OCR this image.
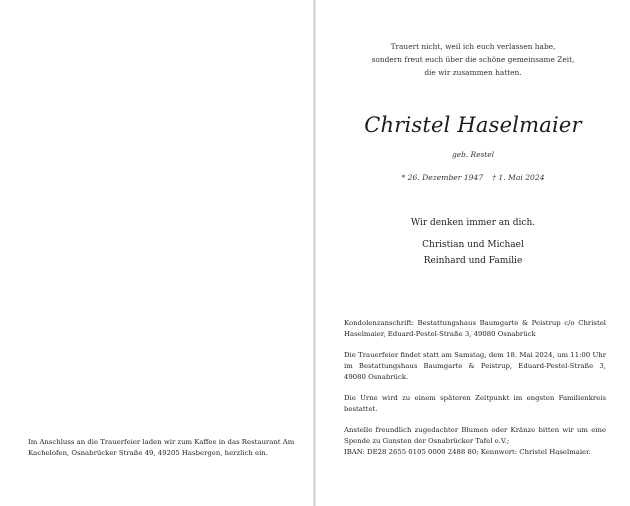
Im Anschluss an die Trauerfeier laden wir zum Kaffee in das Restaurant Am Kachelofen, Osnabrücker Straße 49, 49205 Hasbergen, herzlich ein.
Trauert nicht, weil ich euch verlassen habe,
sondern freut euch über die schöne gemeinsame Zeit,
die wir zusammen hatten.
Christel Haselmaier
geb. Restel
* 26. Dezember 1947 † 1. Mai 2024
Wir denken immer an dich.
Christian und Michael
Reinhard und Familie
Kondolenzanschrift: Bestattungshaus Baumgarte & Peistrup c/o Christel Haselmaier, Eduard-Pestel-Straße 3, 49080 Osnabrück
Die Trauerfeier findet statt am Samstag, dem 18. Mai 2024, um 11:00 Uhr im Bestattungshaus Baumgarte & Peistrup, Eduard-Pestel-Straße 3, 49080 Osnabrück.
Die Urne wird zu einem späteren Zeitpunkt im engsten Familienkreis bestattet.
Anstelle freundlich zugedachter Blumen oder Kränze bitten wir um eine Spende zu Gunsten der Osnabrücker Tafel e.V.;
IBAN: DE28 2655 0105 0000 2488 80; Kennwort: Christel Haselmaier.
